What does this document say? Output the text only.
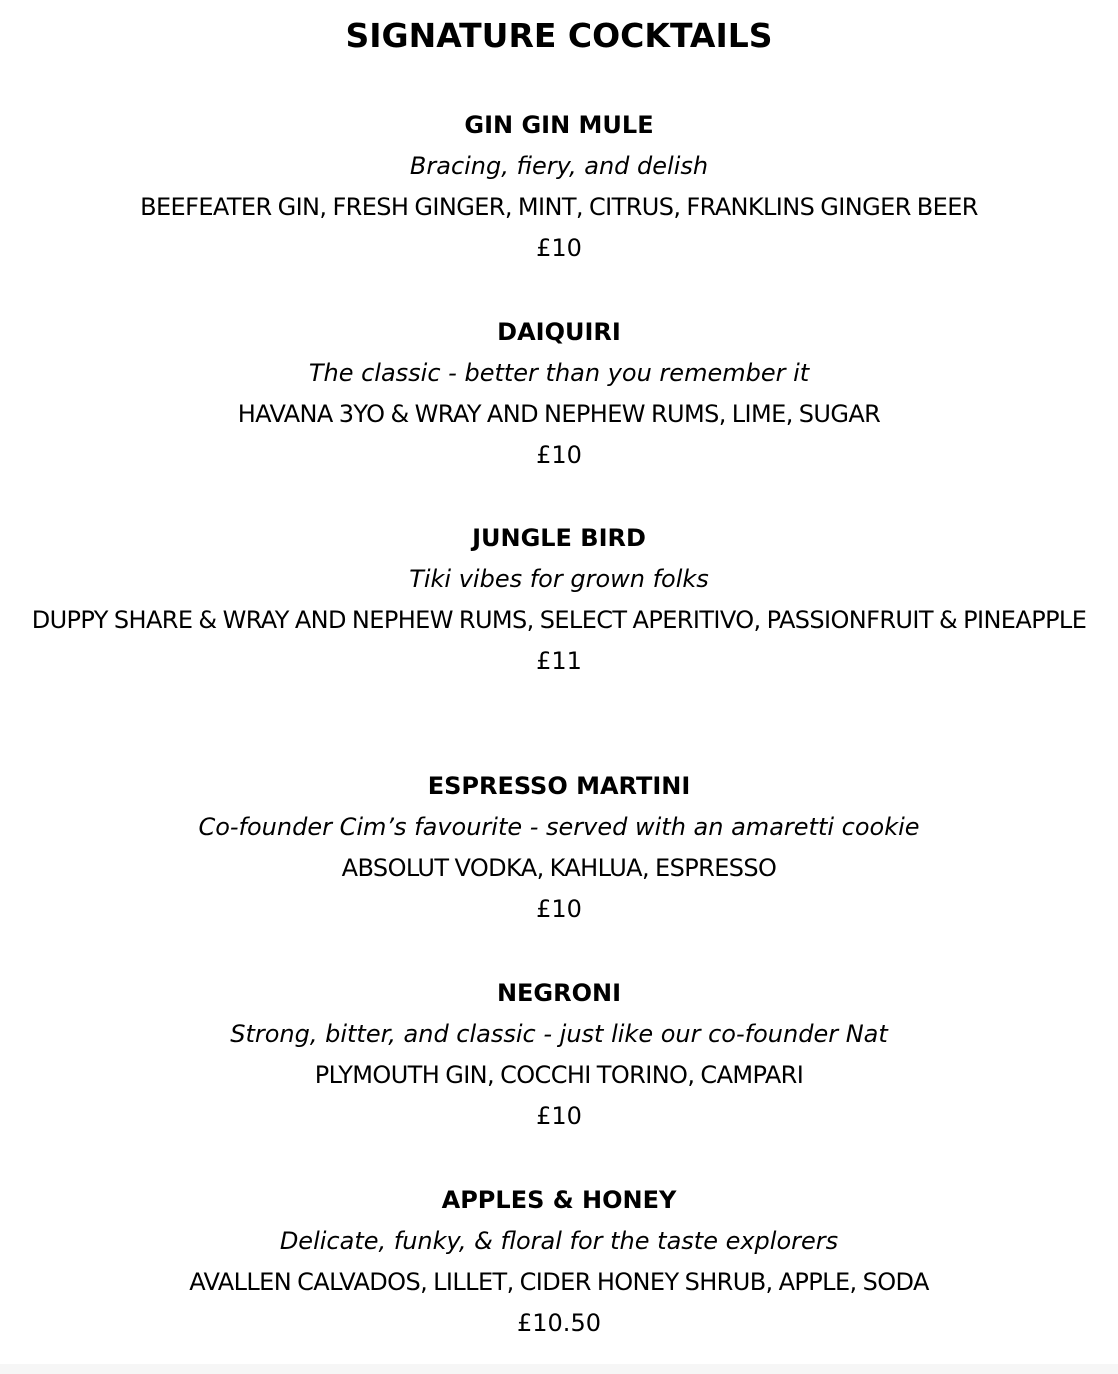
SIGNATURE COCKTAILS
GIN GIN MULE
Bracing, fiery, and delish
BEEFEATER GIN, FRESH GINGER, MINT, CITRUS, FRANKLINS GINGER BEER
£10
DAIQUIRI
The classic - better than you remember it
HAVANA 3YO & WRAY AND NEPHEW RUMS, LIME, SUGAR
£10
JUNGLE BIRD
Tiki vibes for grown folks
DUPPY SHARE & WRAY AND NEPHEW RUMS, SELECT APERITIVO, PASSIONFRUIT & PINEAPPLE
£11
ESPRESSO MARTINI
Co-founder Cim’s favourite - served with an amaretti cookie
ABSOLUT VODKA, KAHLUA, ESPRESSO
£10
NEGRONI
Strong, bitter, and classic - just like our co-founder Nat
PLYMOUTH GIN, COCCHI TORINO, CAMPARI
£10
APPLES & HONEY
Delicate, funky, & floral for the taste explorers
AVALLEN CALVADOS, LILLET, CIDER HONEY SHRUB, APPLE, SODA
£10.50
